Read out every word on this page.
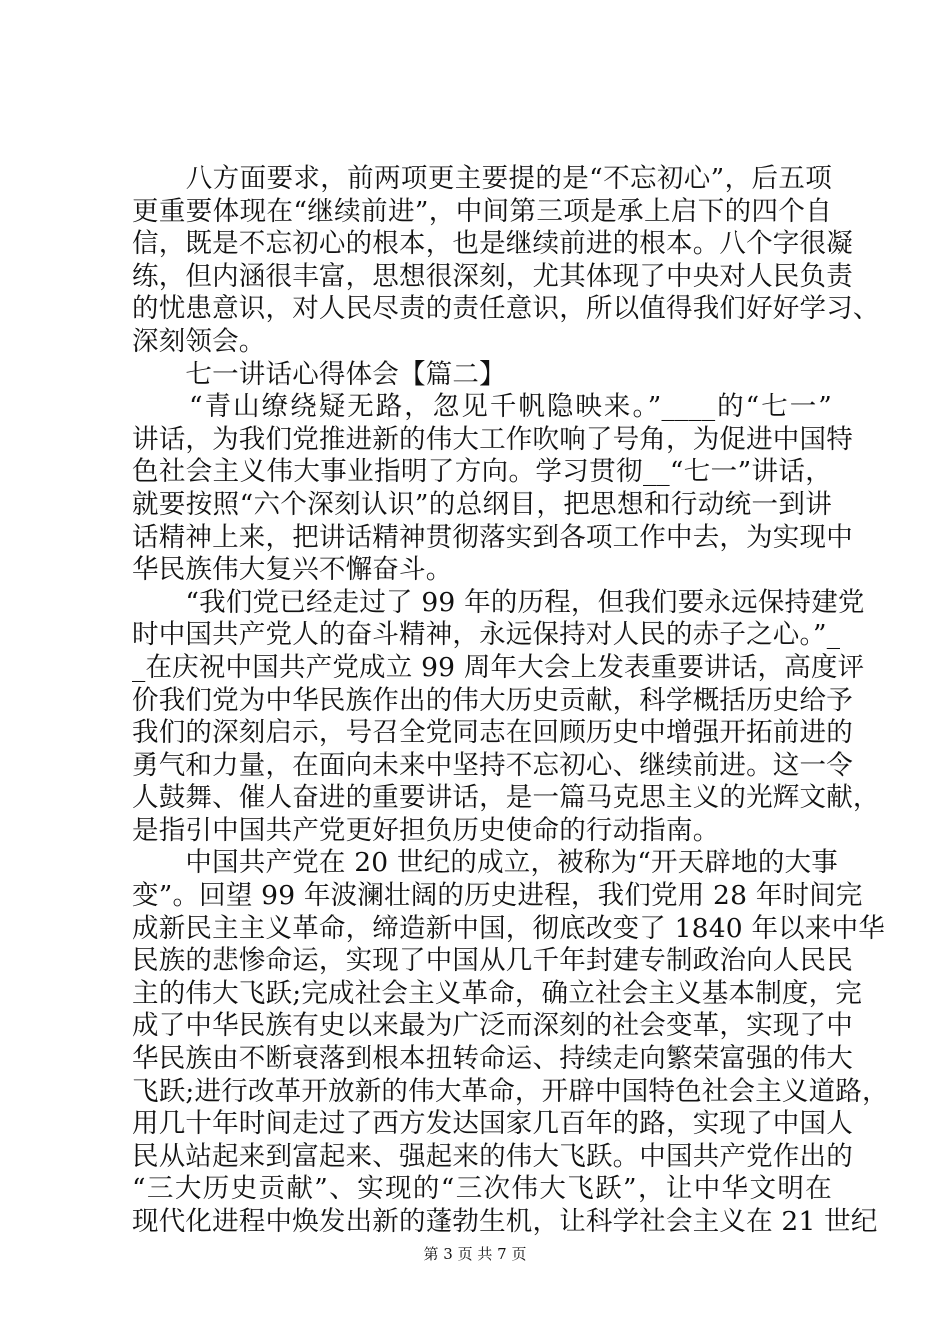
　　八方面要求，前两项更主要提的是“不忘初心”，后五项
更重要体现在“继续前进”，中间第三项是承上启下的四个自
信，既是不忘初心的根本，也是继续前进的根本。八个字很凝
练，但内涵很丰富，思想很深刻，尤其体现了中央对人民负责
的忧患意识，对人民尽责的责任意识，所以值得我们好好学习、
深刻领会。
　　七一讲话心得体会【篇二】
　　“青山缭绕疑无路，忽见千帆隐映来。”____的“七一”
讲话，为我们党推进新的伟大工作吹响了号角，为促进中国特
色社会主义伟大事业指明了方向。学习贯彻__“七一”讲话，
就要按照“六个深刻认识”的总纲目，把思想和行动统一到讲
话精神上来，把讲话精神贯彻落实到各项工作中去，为实现中
华民族伟大复兴不懈奋斗。
　　“我们党已经走过了 99 年的历程，但我们要永远保持建党
时中国共产党人的奋斗精神，永远保持对人民的赤子之心。”_
_在庆祝中国共产党成立 99 周年大会上发表重要讲话，高度评
价我们党为中华民族作出的伟大历史贡献，科学概括历史给予
我们的深刻启示，号召全党同志在回顾历史中增强开拓前进的
勇气和力量，在面向未来中坚持不忘初心、继续前进。这一令
人鼓舞、催人奋进的重要讲话，是一篇马克思主义的光辉文献，
是指引中国共产党更好担负历史使命的行动指南。
　　中国共产党在 20 世纪的成立，被称为“开天辟地的大事
变”。回望 99 年波澜壮阔的历史进程，我们党用 28 年时间完
成新民主主义革命，缔造新中国，彻底改变了 1840 年以来中华
民族的悲惨命运，实现了中国从几千年封建专制政治向人民民
主的伟大飞跃;完成社会主义革命，确立社会主义基本制度，完
成了中华民族有史以来最为广泛而深刻的社会变革，实现了中
华民族由不断衰落到根本扭转命运、持续走向繁荣富强的伟大
飞跃;进行改革开放新的伟大革命，开辟中国特色社会主义道路，
用几十年时间走过了西方发达国家几百年的路，实现了中国人
民从站起来到富起来、强起来的伟大飞跃。中国共产党作出的
“三大历史贡献”、实现的“三次伟大飞跃”，让中华文明在
现代化进程中焕发出新的蓬勃生机，让科学社会主义在 21 世纪
第 3 页 共 7 页
